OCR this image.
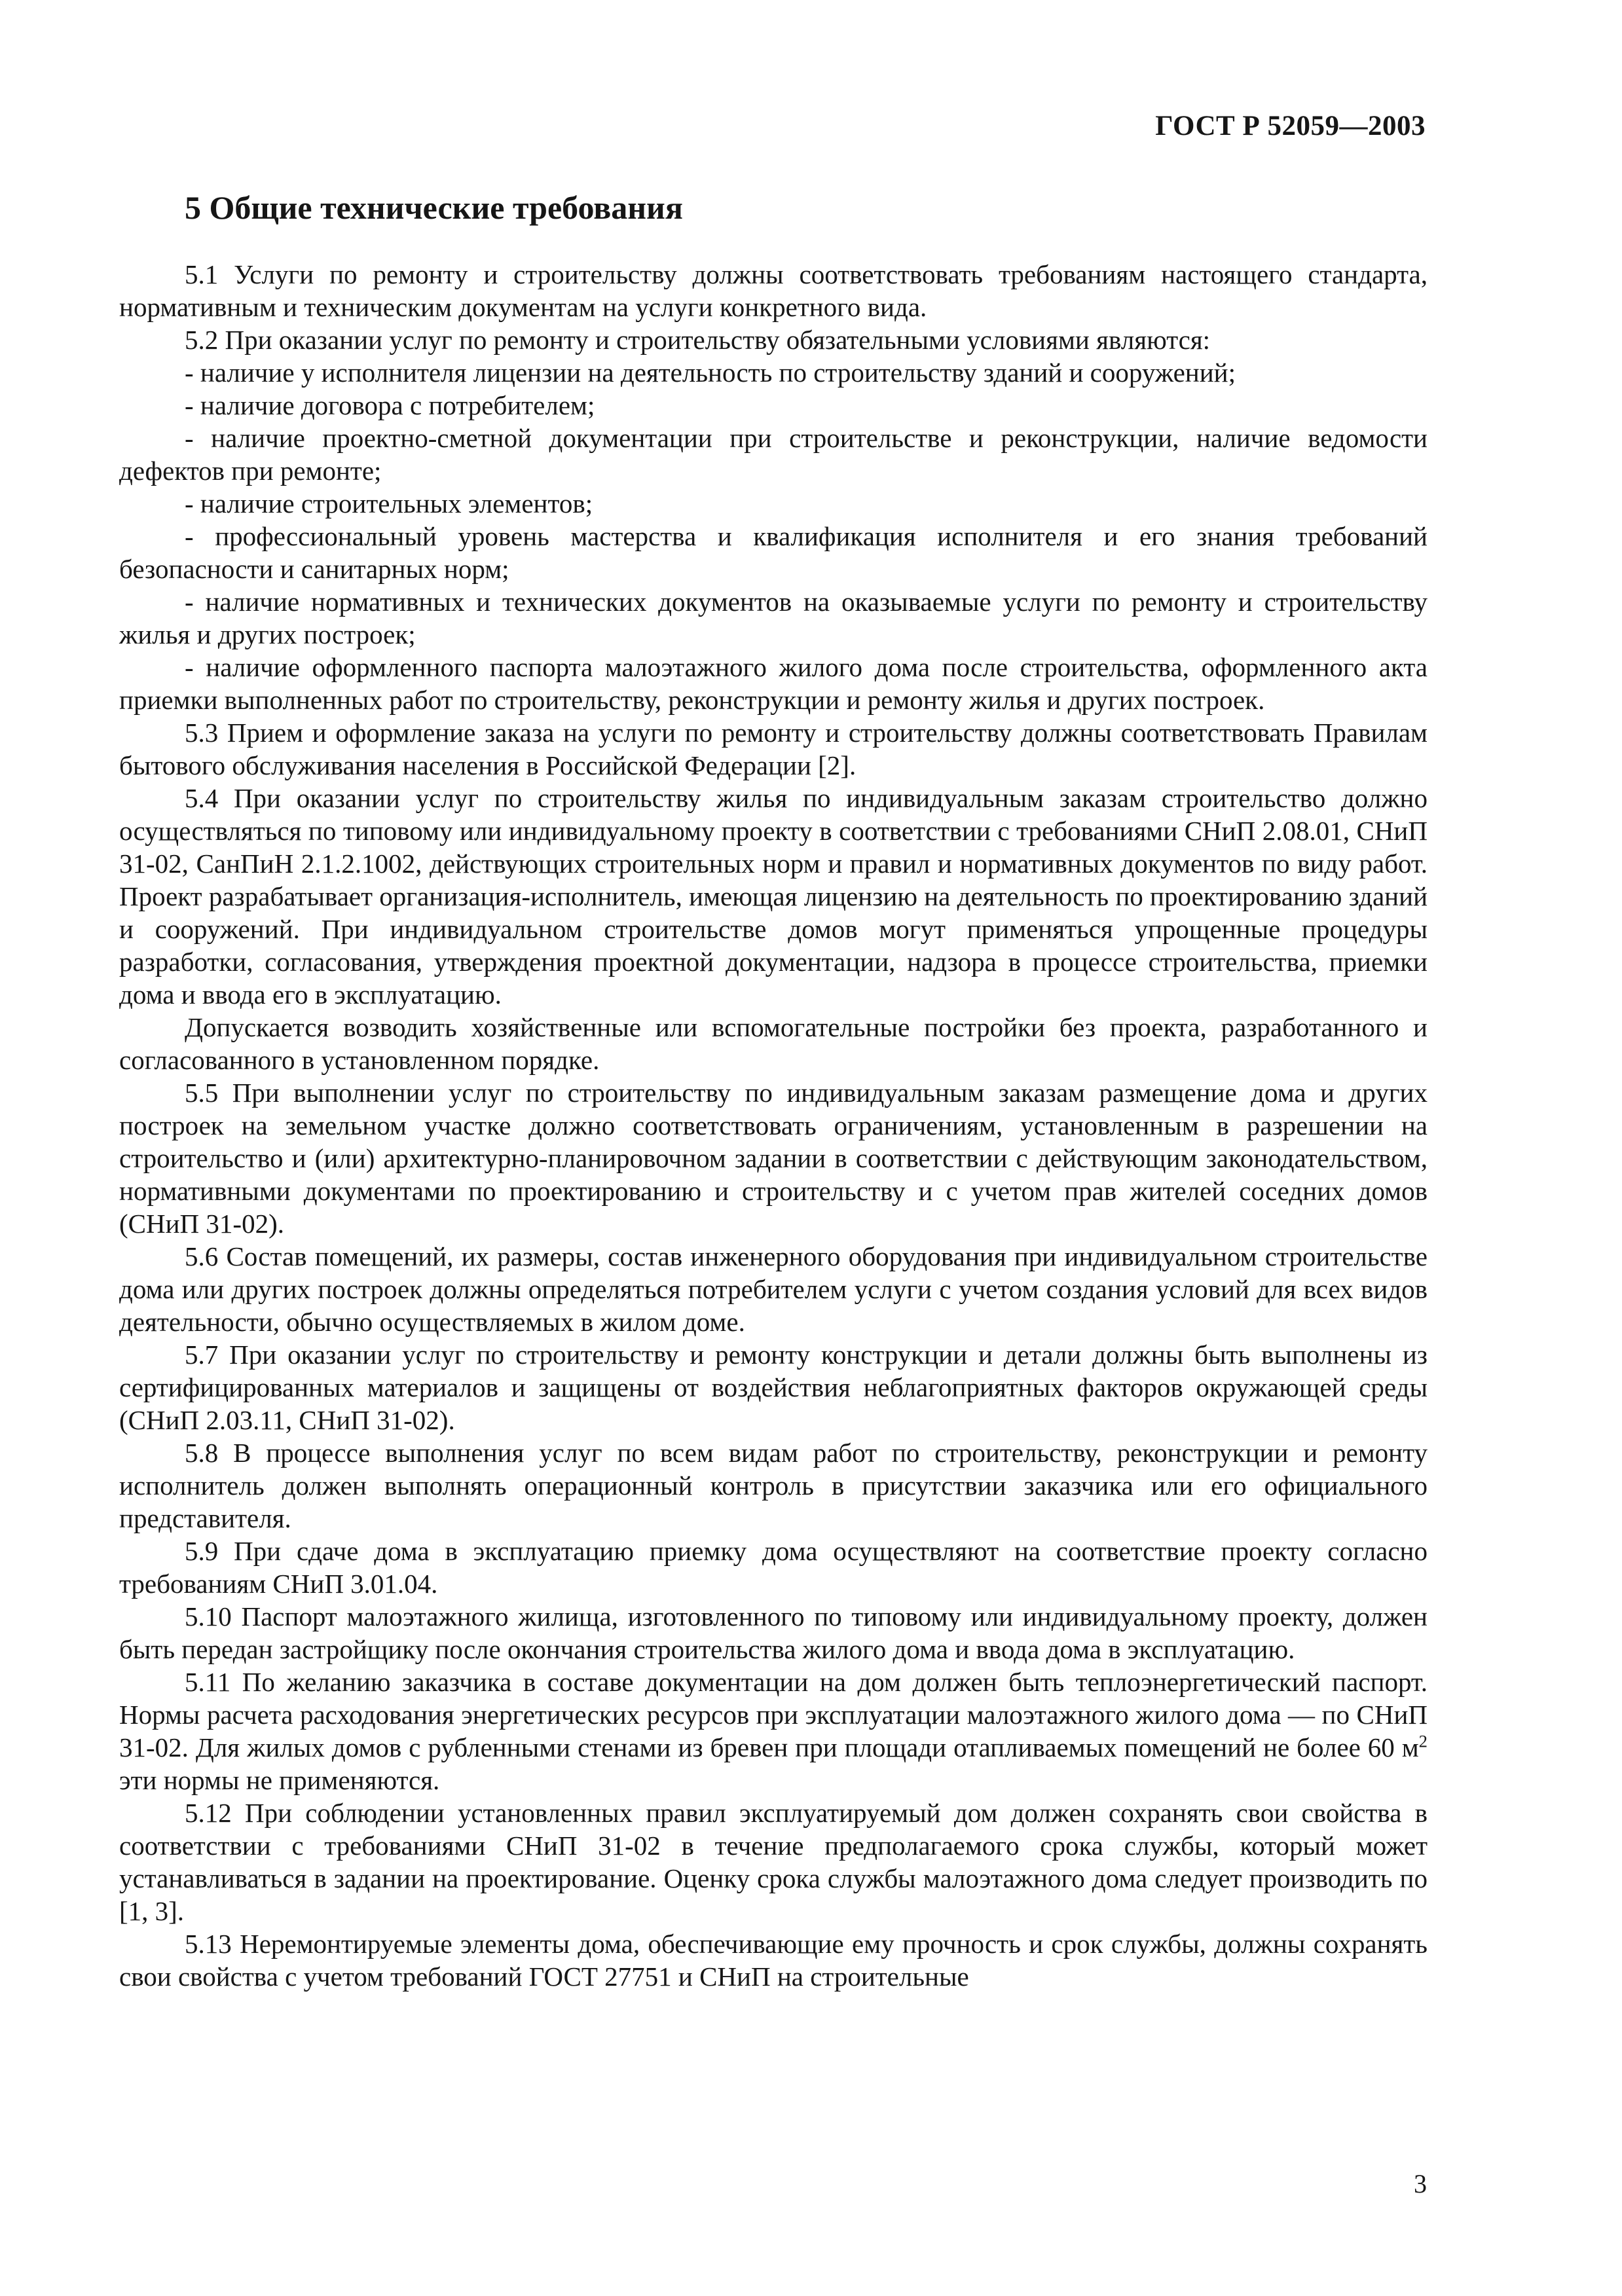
ГОСТ Р 52059—2003
5 Общие технические требования

5.1 Услуги по ремонту и строительству должны соответствовать требованиям настоящего стандарта, нормативным и техническим документам на услуги конкретного вида.

5.2 При оказании услуг по ремонту и строительству обязательными условиями являются:

- наличие у исполнителя лицензии на деятельность по строительству зданий и сооружений;

- наличие договора с потребителем;

- наличие проектно-сметной документации при строительстве и реконструкции, наличие ведомости дефектов при ремонте;

- наличие строительных элементов;

- профессиональный уровень мастерства и квалификация исполнителя и его знания требований безопасности и санитарных норм;

- наличие нормативных и технических документов на оказываемые услуги по ремонту и строительству жилья и других построек;

- наличие оформленного паспорта малоэтажного жилого дома после строительства, оформленного акта приемки выполненных работ по строительству, реконструкции и ремонту жилья и других построек.

5.3 Прием и оформление заказа на услуги по ремонту и строительству должны соответствовать Правилам бытового обслуживания населения в Российской Федерации [2].

5.4 При оказании услуг по строительству жилья по индивидуальным заказам строительство должно осуществляться по типовому или индивидуальному проекту в соответствии с требованиями СНиП 2.08.01, СНиП 31-02, СанПиН 2.1.2.1002, действующих строительных норм и правил и нормативных документов по виду работ. Проект разрабатывает организация-исполнитель, имеющая лицензию на деятельность по проектированию зданий и сооружений. При индивидуальном строительстве домов могут применяться упрощенные процедуры разработки, согласования, утверждения проектной документации, надзора в процессе строительства, приемки дома и ввода его в эксплуатацию.

Допускается возводить хозяйственные или вспомогательные постройки без проекта, разработанного и согласованного в установленном порядке.

5.5 При выполнении услуг по строительству по индивидуальным заказам размещение дома и других построек на земельном участке должно соответствовать ограничениям, установленным в разрешении на строительство и (или) архитектурно-планировочном задании в соответствии с действующим законодательством, нормативными документами по проектированию и строительству и с учетом прав жителей соседних домов (СНиП 31-02).

5.6 Состав помещений, их размеры, состав инженерного оборудования при индивидуальном строительстве дома или других построек должны определяться потребителем услуги с учетом создания условий для всех видов деятельности, обычно осуществляемых в жилом доме.

5.7 При оказании услуг по строительству и ремонту конструкции и детали должны быть выполнены из сертифицированных материалов и защищены от воздействия неблагоприятных факторов окружающей среды (СНиП 2.03.11, СНиП 31-02).

5.8 В процессе выполнения услуг по всем видам работ по строительству, реконструкции и ремонту исполнитель должен выполнять операционный контроль в присутствии заказчика или его официального представителя.

5.9 При сдаче дома в эксплуатацию приемку дома осуществляют на соответствие проекту согласно требованиям СНиП 3.01.04.

5.10 Паспорт малоэтажного жилища, изготовленного по типовому или индивидуальному проекту, должен быть передан застройщику после окончания строительства жилого дома и ввода дома в эксплуатацию.

5.11 По желанию заказчика в составе документации на дом должен быть теплоэнергетический паспорт. Нормы расчета расходования энергетических ресурсов при эксплуатации малоэтажного жилого дома — по СНиП 31-02. Для жилых домов с рубленными стенами из бревен при площади отапливаемых помещений не более 60 $м^2$ эти нормы не применяются.

5.12 При соблюдении установленных правил эксплуатируемый дом должен сохранять свои свойства в соответствии с требованиями СНиП 31-02 в течение предполагаемого срока службы, который может устанавливаться в задании на проектирование. Оценку срока службы малоэтажного дома следует производить по [1, 3].

5.13 Неремонтируемые элементы дома, обеспечивающие ему прочность и срок службы, должны сохранять свои свойства с учетом требований ГОСТ 27751 и СНиП на строительные

3
